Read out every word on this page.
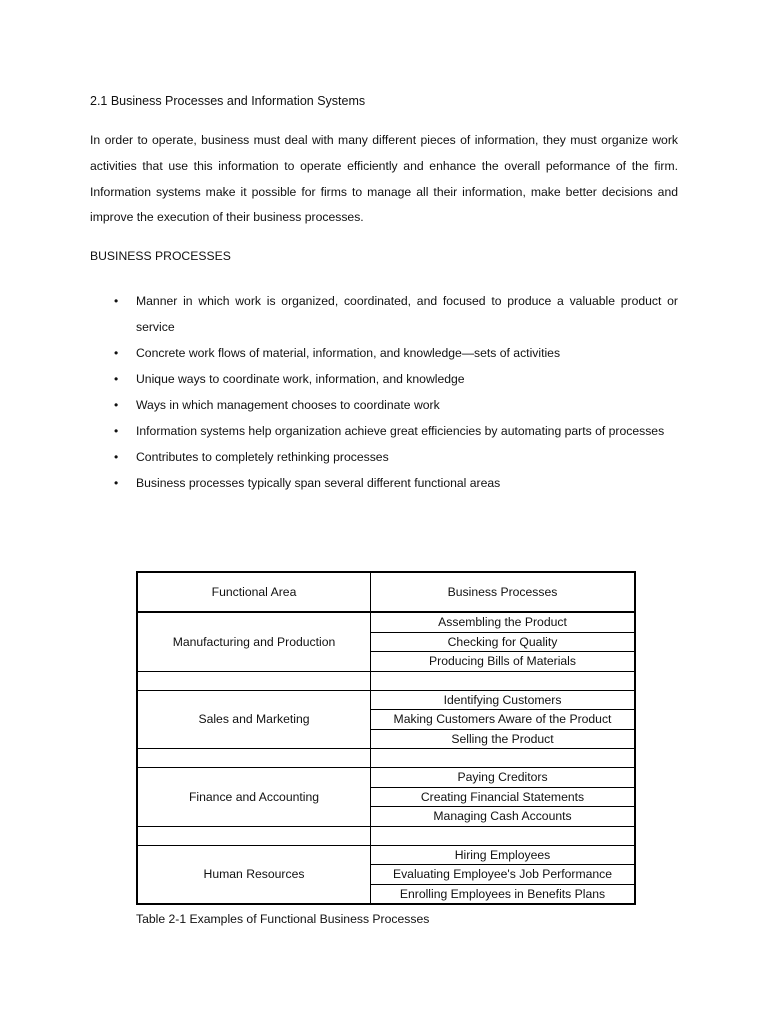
2.1 Business Processes and Information Systems

In order to operate, business must deal with many different pieces of information, they must organize work activities that use this information to operate efficiently and enhance the overall peformance of the firm. Information systems make it possible for firms to manage all their information, make better decisions and improve the execution of their business processes.

BUSINESS PROCESSES
• Manner in which work is organized, coordinated, and focused to produce a valuable product or service
• Concrete work flows of material, information, and knowledge—sets of activities
• Unique ways to coordinate work, information, and knowledge
• Ways in which management chooses to coordinate work
• Information systems help organization achieve great efficiencies by automating parts of processes
• Contributes to completely rethinking processes
• Business processes typically span several different functional areas
Functional Area	Business Processes
Manufacturing and Production	Assembling the Product
	Checking for Quality
	Producing Bills of Materials

Sales and Marketing	Identifying Customers
	Making Customers Aware of the Product
	Selling the Product

Finance and Accounting	Paying Creditors
	Creating Financial Statements
	Managing Cash Accounts

Human Resources	Hiring Employees
	Evaluating Employee's Job Performance
	Enrolling Employees in Benefits Plans
Table 2-1 Examples of Functional Business Processes
